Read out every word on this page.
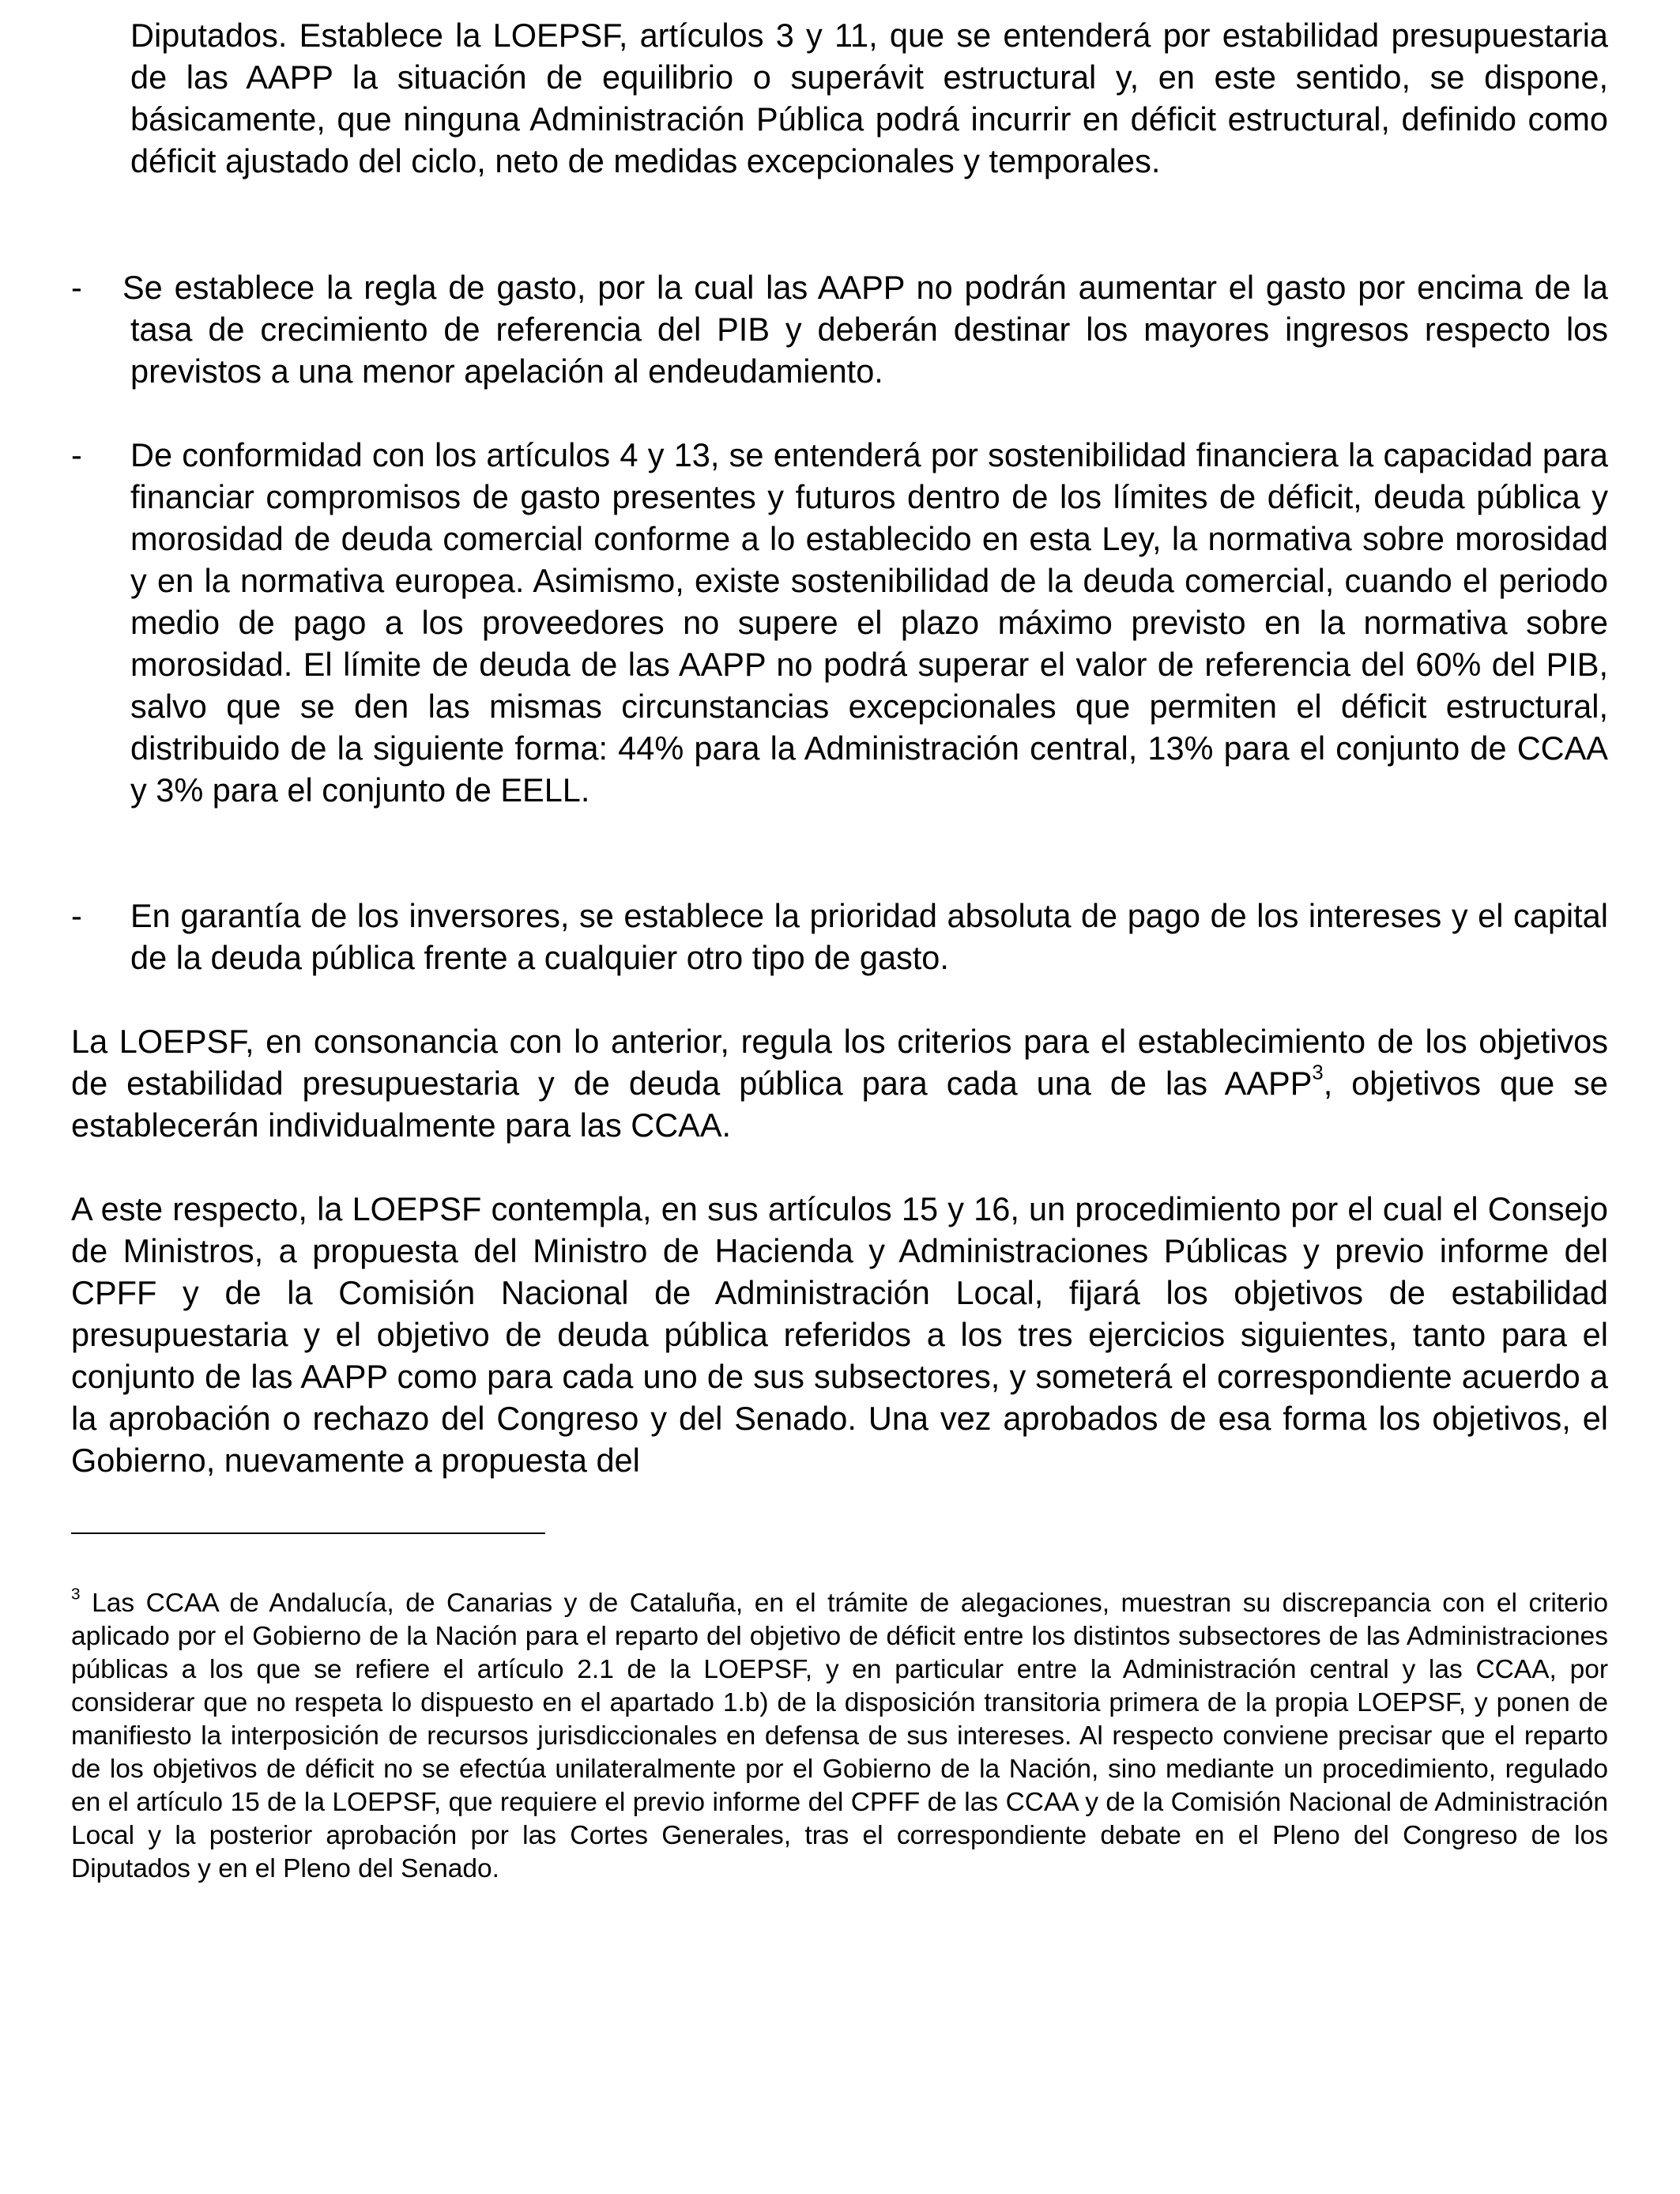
Diputados. Establece la LOEPSF, artículos 3 y 11, que se entenderá por estabilidad presupuestaria de las AAPP la situación de equilibrio o superávit estructural y, en este sentido, se dispone, básicamente, que ninguna Administración Pública podrá incurrir en déficit estructural, definido como déficit ajustado del ciclo, neto de medidas excepcionales y temporales.

- Se establece la regla de gasto, por la cual las AAPP no podrán aumentar el gasto por encima de la tasa de crecimiento de referencia del PIB y deberán destinar los mayores ingresos respecto los previstos a una menor apelación al endeudamiento.
- De conformidad con los artículos 4 y 13, se entenderá por sostenibilidad financiera la capacidad para financiar compromisos de gasto presentes y futuros dentro de los límites de déficit, deuda pública y morosidad de deuda comercial conforme a lo establecido en esta Ley, la normativa sobre morosidad y en la normativa europea. Asimismo, existe sostenibilidad de la deuda comercial, cuando el periodo medio de pago a los proveedores no supere el plazo máximo previsto en la normativa sobre morosidad. El límite de deuda de las AAPP no podrá superar el valor de referencia del 60% del PIB, salvo que se den las mismas circunstancias excepcionales que permiten el déficit estructural, distribuido de la siguiente forma: 44% para la Administración central, 13% para el conjunto de CCAA y 3% para el conjunto de EELL.
- En garantía de los inversores, se establece la prioridad absoluta de pago de los intereses y el capital de la deuda pública frente a cualquier otro tipo de gasto.

La LOEPSF, en consonancia con lo anterior, regula los criterios para el establecimiento de los objetivos de estabilidad presupuestaria y de deuda pública para cada una de las AAPP$^3$, objetivos que se establecerán individualmente para las CCAA.

A este respecto, la LOEPSF contempla, en sus artículos 15 y 16, un procedimiento por el cual el Consejo de Ministros, a propuesta del Ministro de Hacienda y Administraciones Públicas y previo informe del CPFF y de la Comisión Nacional de Administración Local, fijará los objetivos de estabilidad presupuestaria y el objetivo de deuda pública referidos a los tres ejercicios siguientes, tanto para el conjunto de las AAPP como para cada uno de sus subsectores, y someterá el correspondiente acuerdo a la aprobación o rechazo del Congreso y del Senado. Una vez aprobados de esa forma los objetivos, el Gobierno, nuevamente a propuesta del

$^3$ Las CCAA de Andalucía, de Canarias y de Cataluña, en el trámite de alegaciones, muestran su discrepancia con el criterio aplicado por el Gobierno de la Nación para el reparto del objetivo de déficit entre los distintos subsectores de las Administraciones públicas a los que se refiere el artículo 2.1 de la LOEPSF, y en particular entre la Administración central y las CCAA, por considerar que no respeta lo dispuesto en el apartado 1.b) de la disposición transitoria primera de la propia LOEPSF, y ponen de manifiesto la interposición de recursos jurisdiccionales en defensa de sus intereses. Al respecto conviene precisar que el reparto de los objetivos de déficit no se efectúa unilateralmente por el Gobierno de la Nación, sino mediante un procedimiento, regulado en el artículo 15 de la LOEPSF, que requiere el previo informe del CPFF de las CCAA y de la Comisión Nacional de Administración Local y la posterior aprobación por las Cortes Generales, tras el correspondiente debate en el Pleno del Congreso de los Diputados y en el Pleno del Senado.
